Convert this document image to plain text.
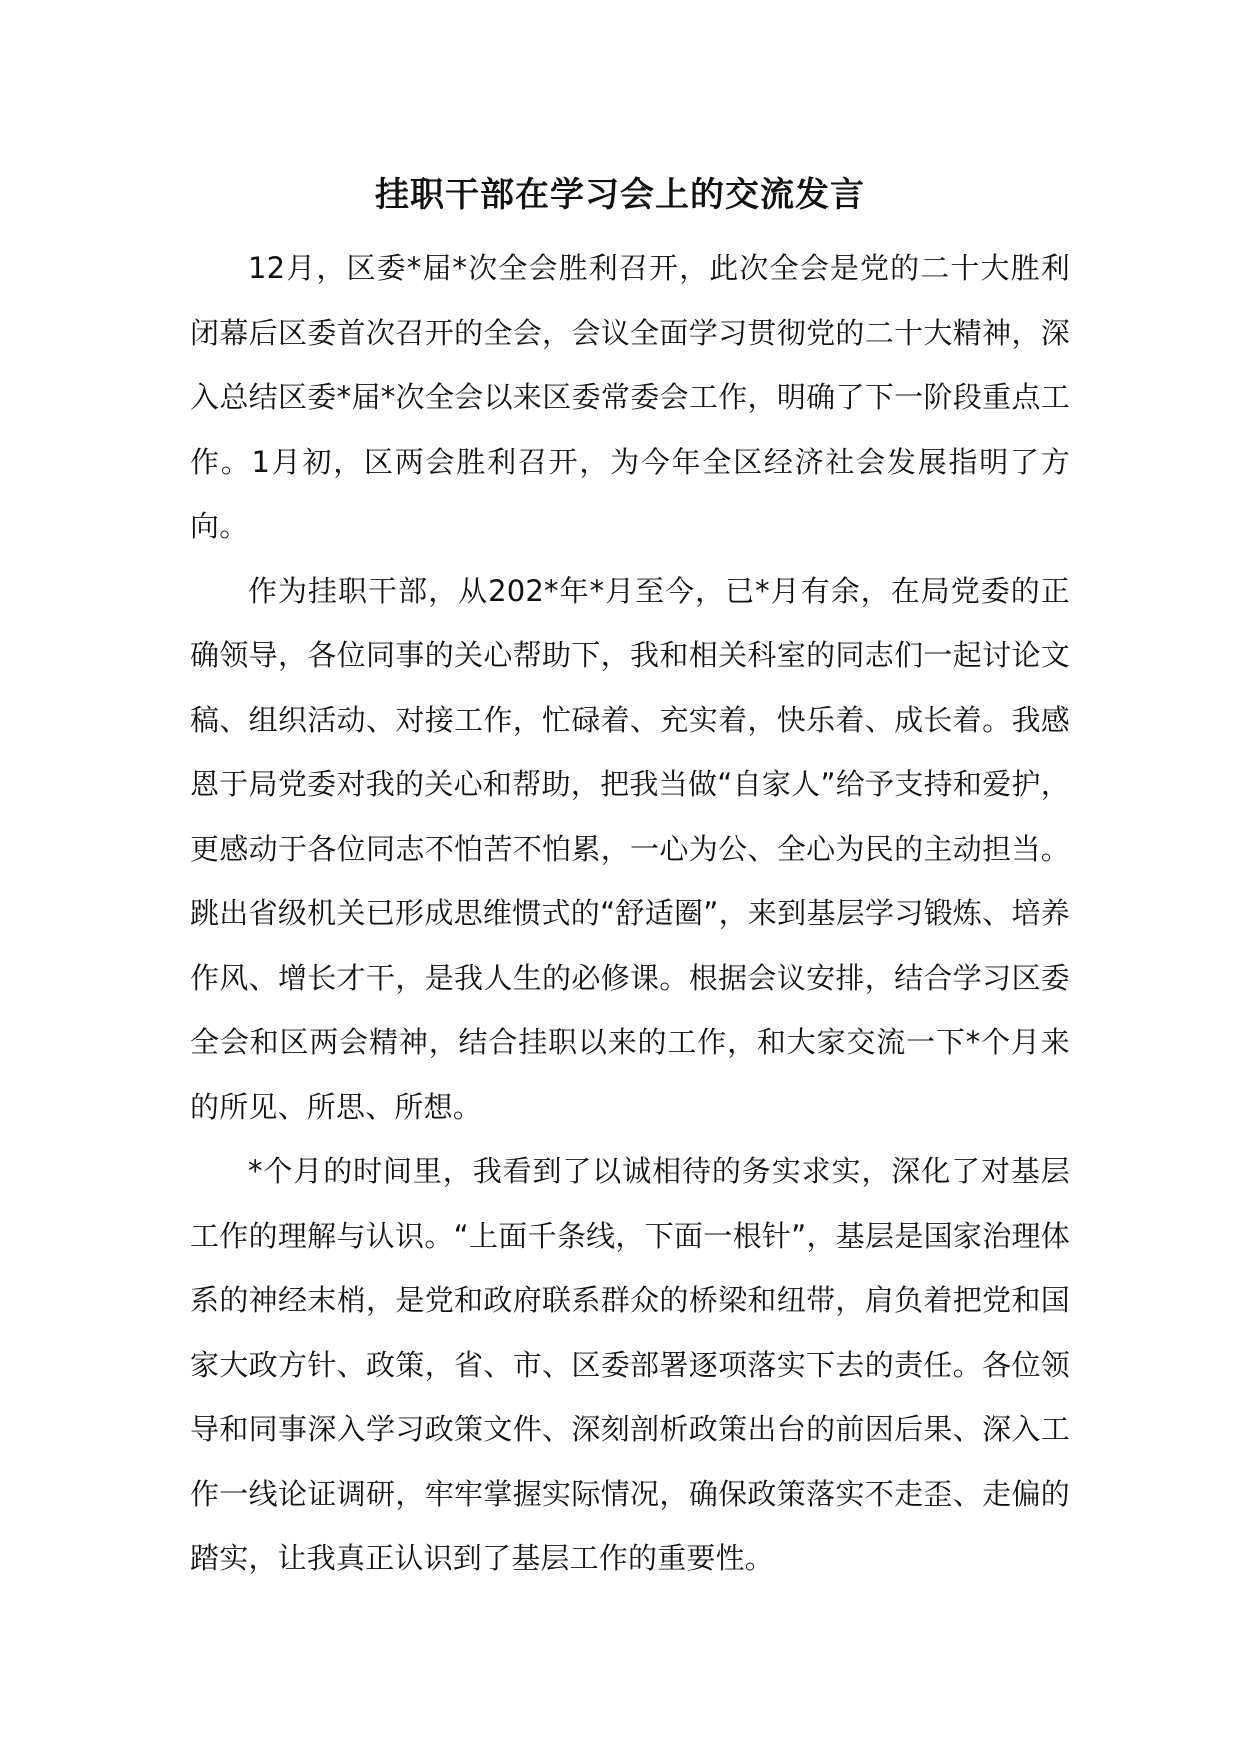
挂职干部在学习会上的交流发言

12月，区委*届*次全会胜利召开，此次全会是党的二十大胜利闭幕后区委首次召开的全会，会议全面学习贯彻党的二十大精神，深入总结区委*届*次全会以来区委常委会工作，明确了下一阶段重点工作。1月初，区两会胜利召开，为今年全区经济社会发展指明了方向。

作为挂职干部，从202*年*月至今，已*月有余，在局党委的正确领导，各位同事的关心帮助下，我和相关科室的同志们一起讨论文稿、组织活动、对接工作，忙碌着、充实着，快乐着、成长着。我感恩于局党委对我的关心和帮助，把我当做“自家人”给予支持和爱护，更感动于各位同志不怕苦不怕累，一心为公、全心为民的主动担当。跳出省级机关已形成思维惯式的“舒适圈”，来到基层学习锻炼、培养作风、增长才干，是我人生的必修课。根据会议安排，结合学习区委全会和区两会精神，结合挂职以来的工作，和大家交流一下*个月来的所见、所思、所想。

*个月的时间里，我看到了以诚相待的务实求实，深化了对基层工作的理解与认识。“上面千条线，下面一根针”，基层是国家治理体系的神经末梢，是党和政府联系群众的桥梁和纽带，肩负着把党和国家大政方针、政策，省、市、区委部署逐项落实下去的责任。各位领导和同事深入学习政策文件、深刻剖析政策出台的前因后果、深入工作一线论证调研，牢牢掌握实际情况，确保政策落实不走歪、走偏的踏实，让我真正认识到了基层工作的重要性。
